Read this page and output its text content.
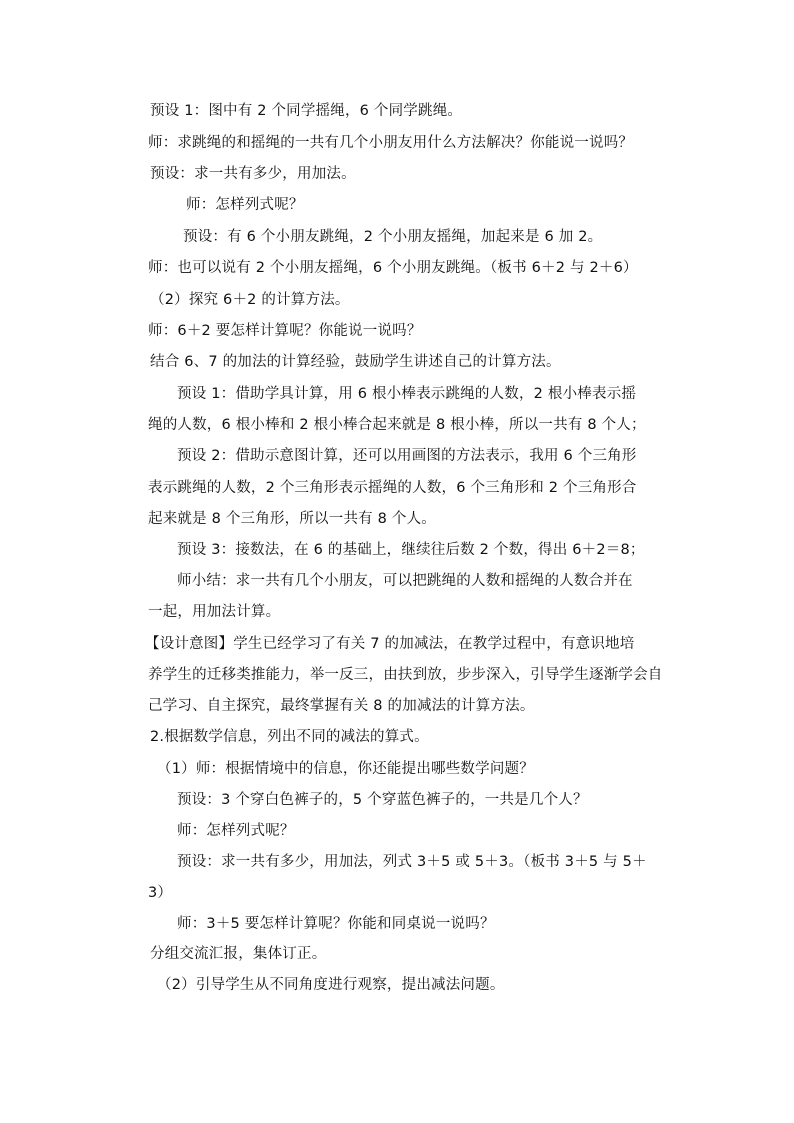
预设 1：图中有 2 个同学摇绳，6 个同学跳绳。
师：求跳绳的和摇绳的一共有几个小朋友用什么方法解决？你能说一说吗？
预设：求一共有多少，用加法。
师：怎样列式呢？
预设：有 6 个小朋友跳绳，2 个小朋友摇绳，加起来是 6 加 2。
师：也可以说有 2 个小朋友摇绳，6 个小朋友跳绳。（板书 6＋2 与 2＋6）
（2）探究 6＋2 的计算方法。
师：6＋2 要怎样计算呢？你能说一说吗？
结合 6、7 的加法的计算经验，鼓励学生讲述自己的计算方法。
预设 1：借助学具计算，用 6 根小棒表示跳绳的人数，2 根小棒表示摇
绳的人数，6 根小棒和 2 根小棒合起来就是 8 根小棒，所以一共有 8 个人；
预设 2：借助示意图计算，还可以用画图的方法表示，我用 6 个三角形
表示跳绳的人数，2 个三角形表示摇绳的人数，6 个三角形和 2 个三角形合
起来就是 8 个三角形，所以一共有 8 个人。
预设 3：接数法，在 6 的基础上，继续往后数 2 个数，得出 6＋2＝8；
师小结：求一共有几个小朋友，可以把跳绳的人数和摇绳的人数合并在
一起，用加法计算。
【设计意图】学生已经学习了有关 7 的加减法，在教学过程中，有意识地培
养学生的迁移类推能力，举一反三，由扶到放，步步深入，引导学生逐渐学会自
己学习、自主探究，最终掌握有关 8 的加减法的计算方法。
2.根据数学信息，列出不同的减法的算式。
（1）师：根据情境中的信息，你还能提出哪些数学问题？
预设：3 个穿白色裤子的，5 个穿蓝色裤子的，一共是几个人？
师：怎样列式呢？
预设：求一共有多少，用加法，列式 3＋5 或 5＋3。（板书 3＋5 与 5＋
3）
师：3＋5 要怎样计算呢？你能和同桌说一说吗？
分组交流汇报，集体订正。
（2）引导学生从不同角度进行观察，提出减法问题。
